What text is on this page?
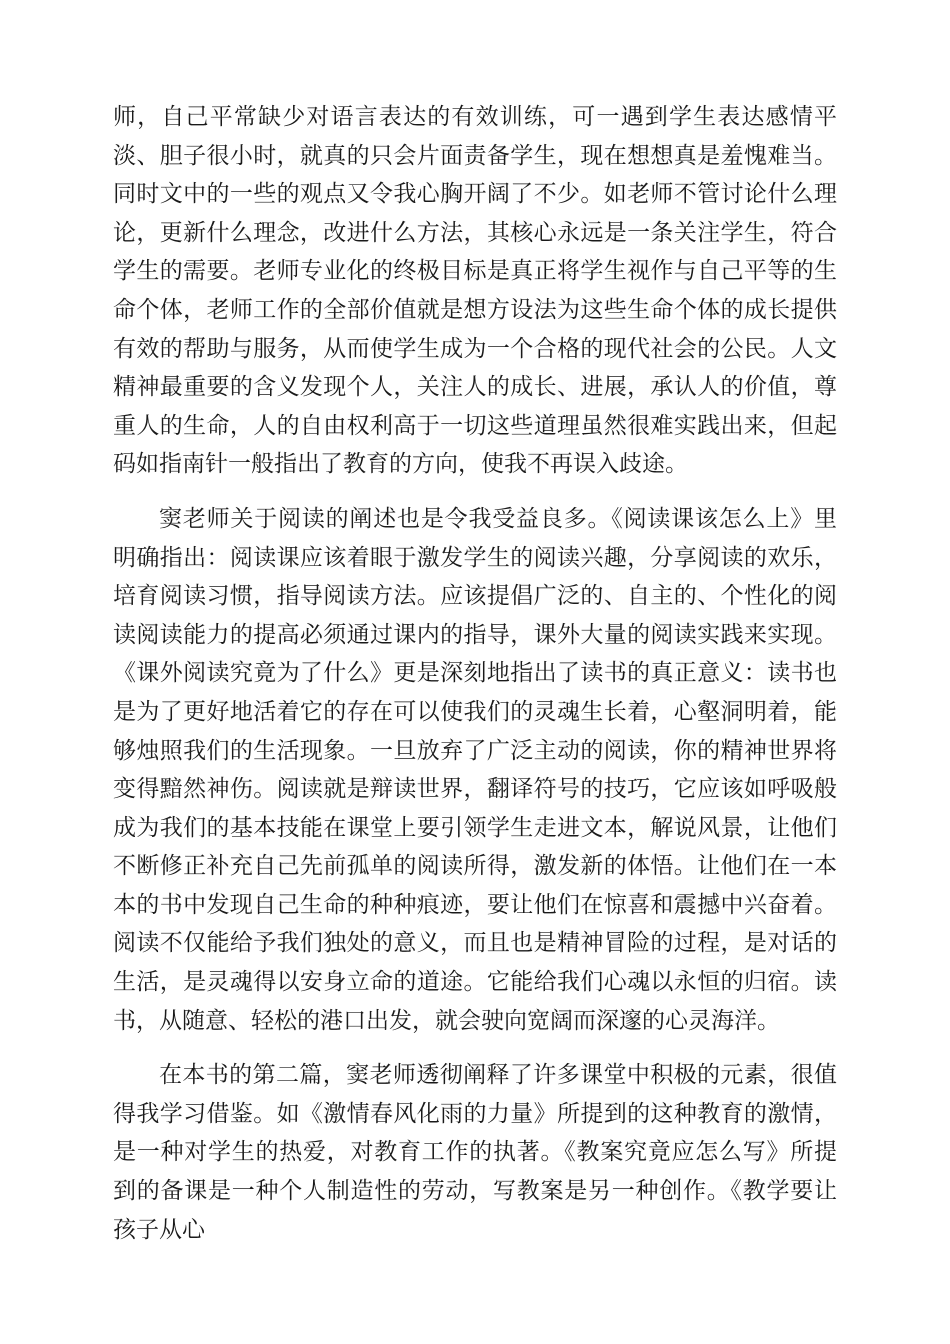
师，自己平常缺少对语言表达的有效训练，可一遇到学生表达感情平淡、胆子很小时，就真的只会片面责备学生，现在想想真是羞愧难当。同时文中的一些的观点又令我心胸开阔了不少。如老师不管讨论什么理论，更新什么理念，改进什么方法，其核心永远是一条关注学生，符合学生的需要。老师专业化的终极目标是真正将学生视作与自己平等的生命个体，老师工作的全部价值就是想方设法为这些生命个体的成长提供有效的帮助与服务，从而使学生成为一个合格的现代社会的公民。人文精神最重要的含义发现个人，关注人的成长、进展，承认人的价值，尊重人的生命，人的自由权利高于一切这些道理虽然很难实践出来，但起码如指南针一般指出了教育的方向，使我不再误入歧途。

窦老师关于阅读的阐述也是令我受益良多。《阅读课该怎么上》里明确指出：阅读课应该着眼于激发学生的阅读兴趣，分享阅读的欢乐，培育阅读习惯，指导阅读方法。应该提倡广泛的、自主的、个性化的阅读阅读能力的提高必须通过课内的指导，课外大量的阅读实践来实现。《课外阅读究竟为了什么》更是深刻地指出了读书的真正意义：读书也是为了更好地活着它的存在可以使我们的灵魂生长着，心壑洞明着，能够烛照我们的生活现象。一旦放弃了广泛主动的阅读，你的精神世界将变得黯然神伤。阅读就是辩读世界，翻译符号的技巧，它应该如呼吸般成为我们的基本技能在课堂上要引领学生走进文本，解说风景，让他们不断修正补充自己先前孤单的阅读所得，激发新的体悟。让他们在一本本的书中发现自己生命的种种痕迹，要让他们在惊喜和震撼中兴奋着。阅读不仅能给予我们独处的意义，而且也是精神冒险的过程，是对话的生活，是灵魂得以安身立命的道途。它能给我们心魂以永恒的归宿。读书，从随意、轻松的港口出发，就会驶向宽阔而深邃的心灵海洋。

在本书的第二篇，窦老师透彻阐释了许多课堂中积极的元素，很值得我学习借鉴。如《激情春风化雨的力量》所提到的这种教育的激情，是一种对学生的热爱，对教育工作的执著。《教案究竟应怎么写》所提到的备课是一种个人制造性的劳动，写教案是另一种创作。《教学要让孩子从心
